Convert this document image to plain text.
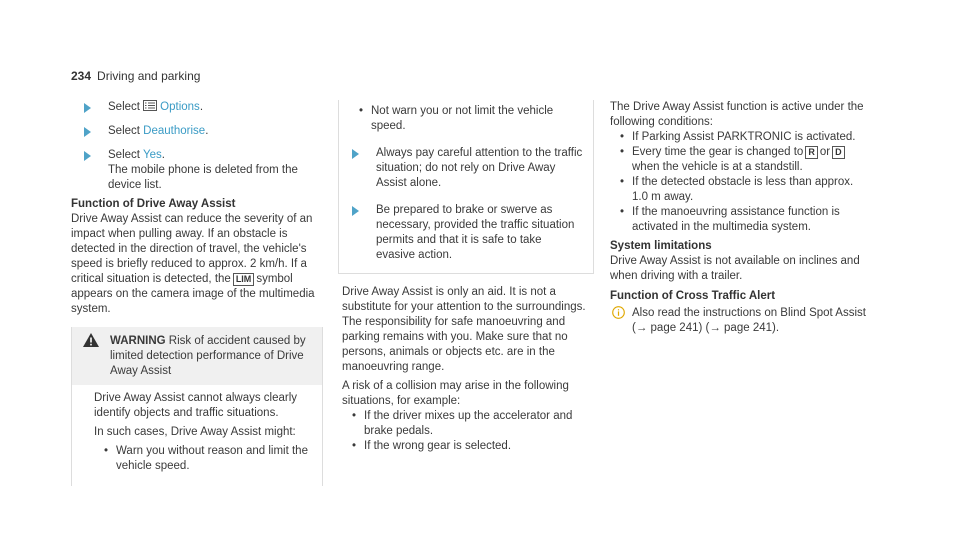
234 Driving and parking
Select Options.
Select Deauthorise.
Select Yes.

The mobile phone is deleted from the device list.

Function of Drive Away Assist

Drive Away Assist can reduce the severity of an impact when pulling away. If an obstacle is detected in the direction of travel, the vehicle's speed is briefly reduced to approx. 2 km/h. If a critical situation is detected, the LIM symbol appears on the camera image of the multimedia system.

WARNING Risk of accident caused by limited detection performance of Drive Away Assist

Drive Away Assist cannot always clearly identify objects and traffic situations.

In such cases, Drive Away Assist might:

• Warn you without reason and limit the vehicle speed.

• Not warn you or not limit the vehicle speed.

Always pay careful attention to the traffic situation; do not rely on Drive Away Assist alone.
Be prepared to brake or swerve as necessary, provided the traffic situation permits and that it is safe to take evasive action.

Drive Away Assist is only an aid. It is not a substitute for your attention to the surroundings. The responsibility for safe manoeuvring and parking remains with you. Make sure that no persons, animals or objects etc. are in the manoeuvring range.

A risk of a collision may arise in the following situations, for example:

• If the driver mixes up the accelerator and brake pedals.

• If the wrong gear is selected.

The Drive Away Assist function is active under the following conditions:

• If Parking Assist PARKTRONIC is activated.

• Every time the gear is changed to R or Dwhen the vehicle is at a standstill.

• If the detected obstacle is less than approx. 1.0 m away.

• If the manoeuvring assistance function is activated in the multimedia system.

System limitations

Drive Away Assist is not available on inclines and when driving with a trailer.

Function of Cross Traffic Alert

Also read the instructions on Blind Spot Assist (→ page 241) (→ page 241).
